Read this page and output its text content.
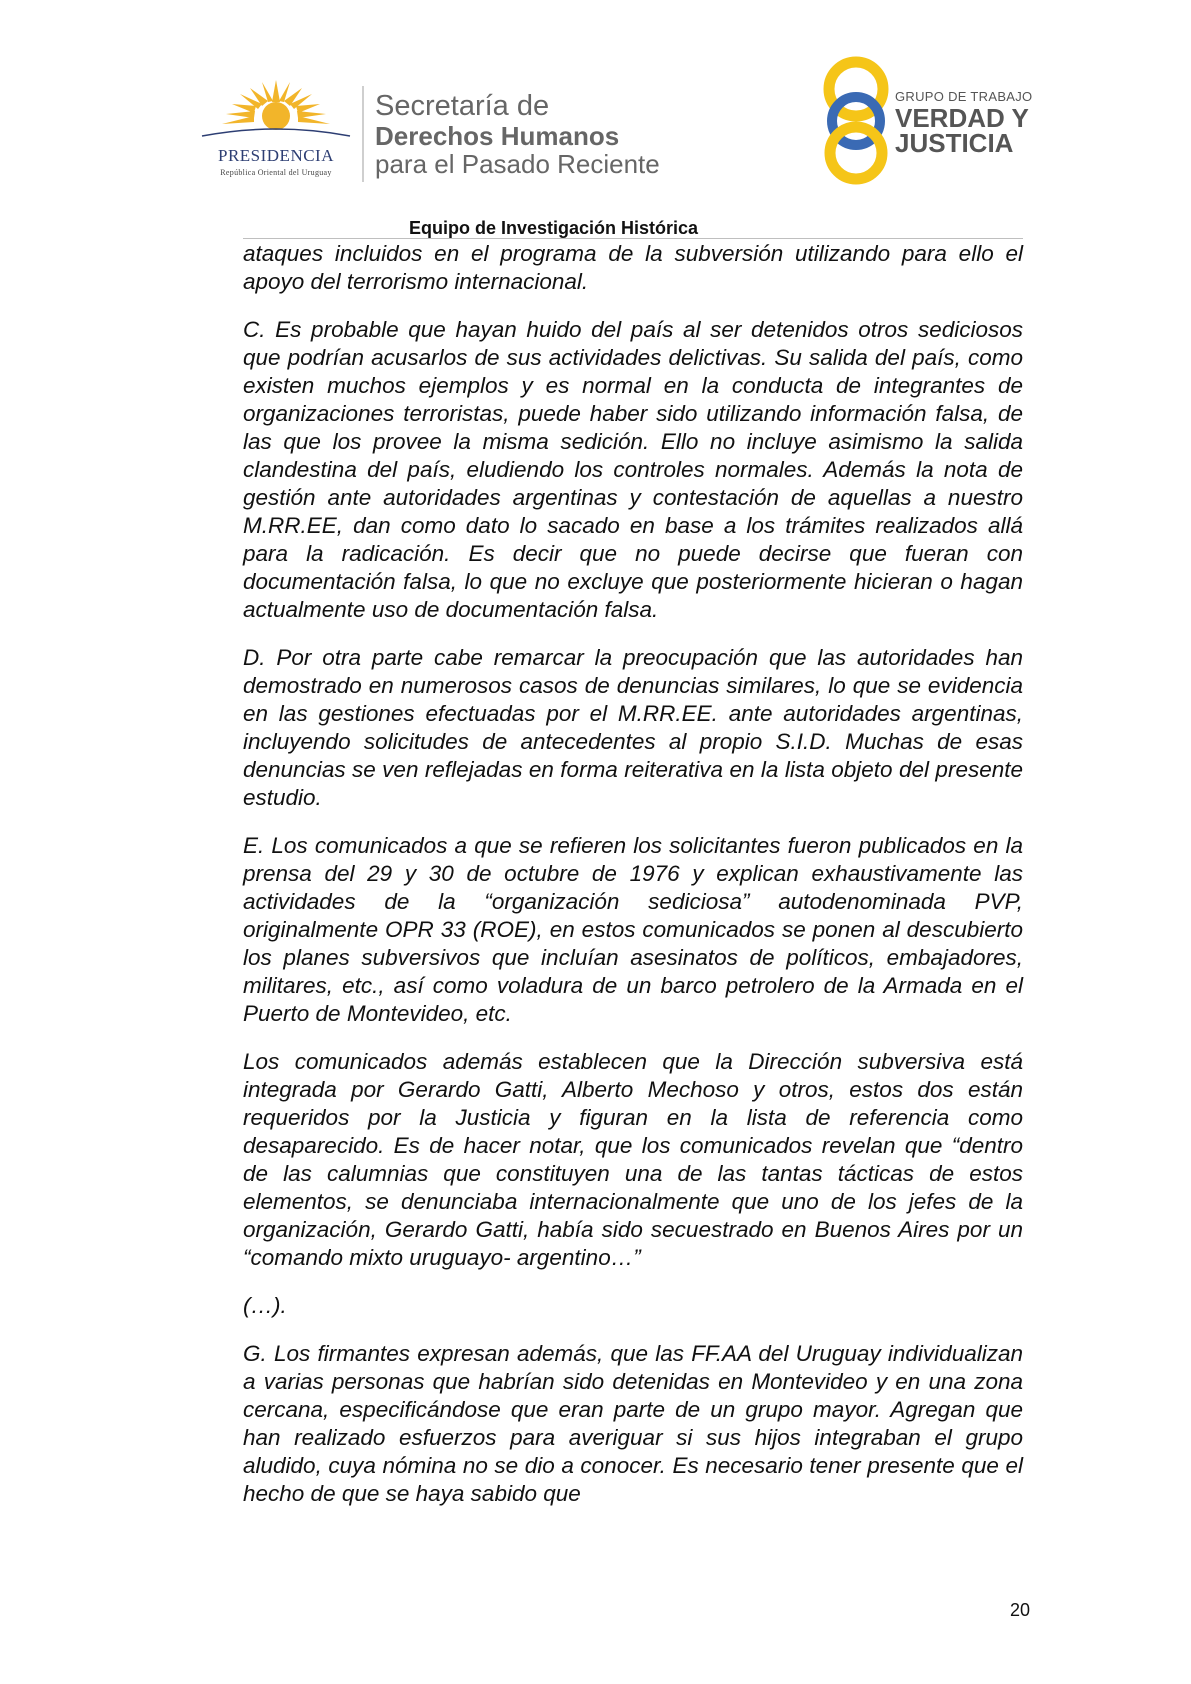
PRESIDENCIA
República Oriental del Uruguay
Secretaría de
Derechos Humanos
para el Pasado Reciente
GRUPO DE TRABAJO
VERDAD Y
JUSTICIA
Equipo de Investigación Histórica

ataques incluidos en el programa de la subversión utilizando para ello el apoyo del terrorismo internacional.

C. Es probable que hayan huido del país al ser detenidos otros sediciosos que podrían acusarlos de sus actividades delictivas. Su salida del país, como existen muchos ejemplos y es normal en la conducta de integrantes de organizaciones terroristas, puede haber sido utilizando información falsa, de las que los provee la misma sedición. Ello no incluye asimismo la salida clandestina del país, eludiendo los controles normales. Además la nota de gestión ante autoridades argentinas y contestación de aquellas a nuestro M.RR.EE, dan como dato lo sacado en base a los trámites realizados allá para la radicación. Es decir que no puede decirse que fueran con documentación falsa, lo que no excluye que posteriormente hicieran o hagan actualmente uso de documentación falsa.

D. Por otra parte cabe remarcar la preocupación que las autoridades han demostrado en numerosos casos de denuncias similares, lo que se evidencia en las gestiones efectuadas por el M.RR.EE. ante autoridades argentinas, incluyendo solicitudes de antecedentes al propio S.I.D. Muchas de esas denuncias se ven reflejadas en forma reiterativa en la lista objeto del presente estudio.

E. Los comunicados a que se refieren los solicitantes fueron publicados en la prensa del 29 y 30 de octubre de 1976 y explican exhaustivamente las actividades de la “organización sediciosa” autodenominada PVP, originalmente OPR 33 (ROE), en estos comunicados se ponen al descubierto los planes subversivos que incluían asesinatos de políticos, embajadores, militares, etc., así como voladura de un barco petrolero de la Armada en el Puerto de Montevideo, etc.

Los comunicados además establecen que la Dirección subversiva está integrada por Gerardo Gatti, Alberto Mechoso y otros, estos dos están requeridos por la Justicia y figuran en la lista de referencia como desaparecido. Es de hacer notar, que los comunicados revelan que “dentro de las calumnias que constituyen una de las tantas tácticas de estos elementos, se denunciaba internacionalmente que uno de los jefes de la organización, Gerardo Gatti, había sido secuestrado en Buenos Aires por un “comando mixto uruguayo- argentino…”

(…).

G. Los firmantes expresan además, que las FF.AA del Uruguay individualizan a varias personas que habrían sido detenidas en Montevideo y en una zona cercana, especificándose que eran parte de un grupo mayor. Agregan que han realizado esfuerzos para averiguar si sus hijos integraban el grupo aludido, cuya nómina no se dio a conocer. Es necesario tener presente que el hecho de que se haya sabido que

20
